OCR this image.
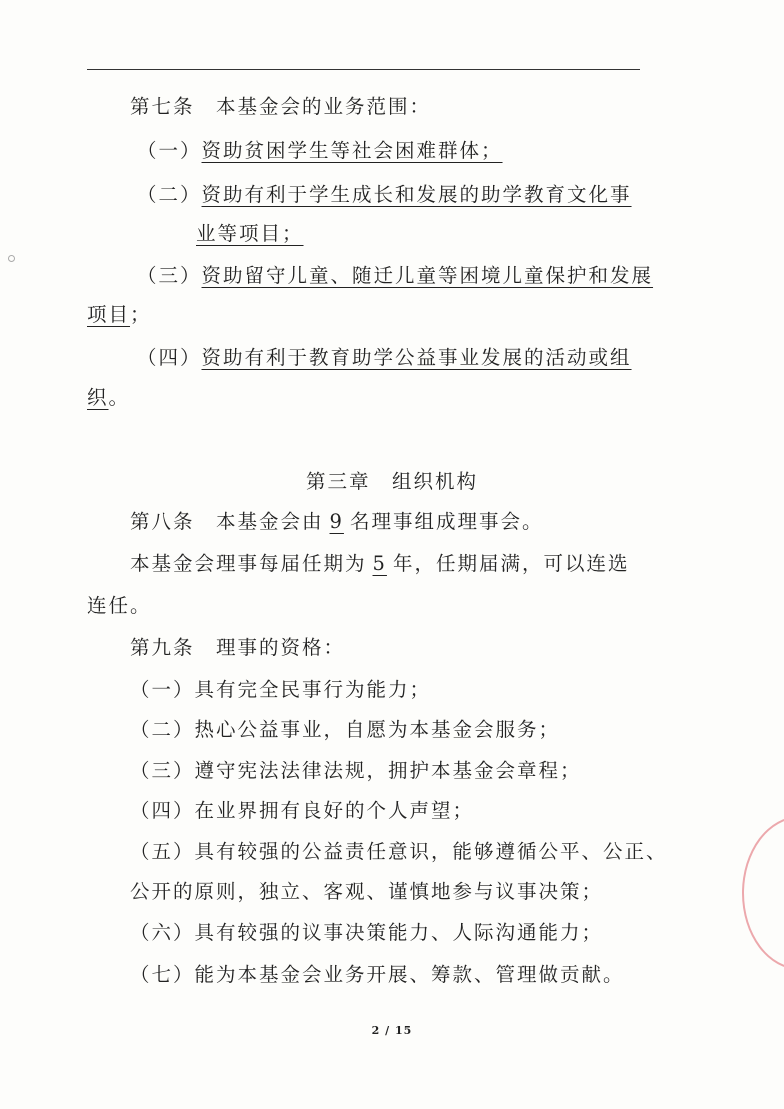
第七条　本基金会的业务范围：
（一）资助贫困学生等社会困难群体；
（二）资助有利于学生成长和发展的助学教育文化事
业等项目；
（三）资助留守儿童、随迁儿童等困境儿童保护和发展
项目；
（四）资助有利于教育助学公益事业发展的活动或组
织。
第三章　组织机构
第八条　本基金会由 9 名理事组成理事会。
本基金会理事每届任期为 5 年，任期届满，可以连选
连任。
第九条　理事的资格：
（一）具有完全民事行为能力；
（二）热心公益事业，自愿为本基金会服务；
（三）遵守宪法法律法规，拥护本基金会章程；
（四）在业界拥有良好的个人声望；
（五）具有较强的公益责任意识，能够遵循公平、公正、
公开的原则，独立、客观、谨慎地参与议事决策；
（六）具有较强的议事决策能力、人际沟通能力；
（七）能为本基金会业务开展、筹款、管理做贡献。
2 / 15
